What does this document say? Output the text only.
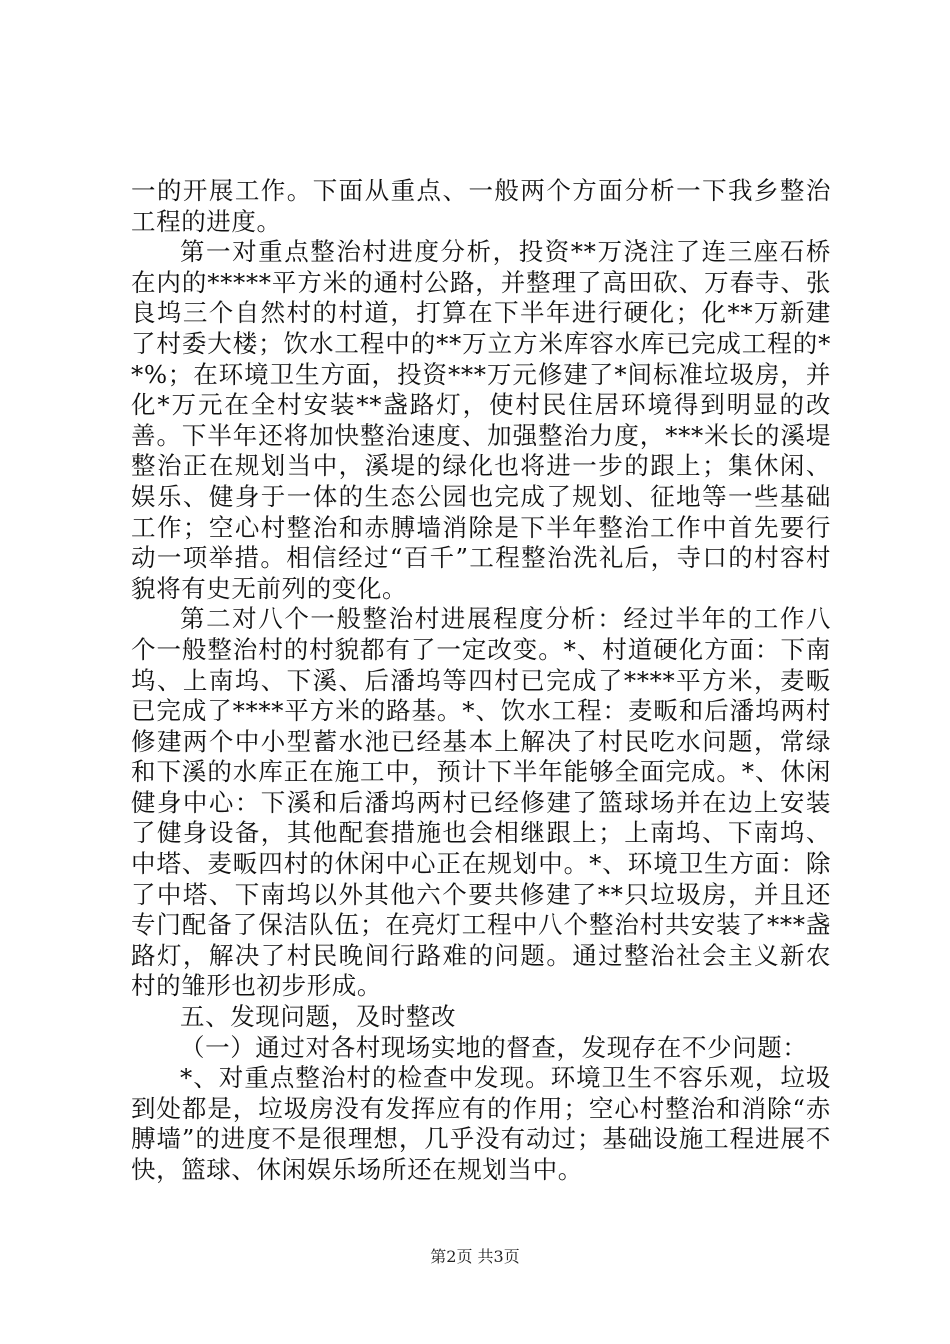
一的开展工作。下面从重点、一般两个方面分析一下我乡整治工程的进度。

第一对重点整治村进度分析，投资**万浇注了连三座石桥在内的*****平方米的通村公路，并整理了高田砍、万春寺、张良坞三个自然村的村道，打算在下半年进行硬化；化**万新建了村委大楼；饮水工程中的**万立方米库容水库已完成工程的**%；在环境卫生方面，投资***万元修建了*间标准垃圾房，并化*万元在全村安装**盏路灯，使村民住居环境得到明显的改善。下半年还将加快整治速度、加强整治力度，***米长的溪堤整治正在规划当中，溪堤的绿化也将进一步的跟上；集休闲、娱乐、健身于一体的生态公园也完成了规划、征地等一些基础工作；空心村整治和赤膊墙消除是下半年整治工作中首先要行动一项举措。相信经过“百千”工程整治洗礼后，寺口的村容村貌将有史无前列的变化。

第二对八个一般整治村进展程度分析：经过半年的工作八个一般整治村的村貌都有了一定改变。*、村道硬化方面：下南坞、上南坞、下溪、后潘坞等四村已完成了****平方米，麦畈已完成了****平方米的路基。*、饮水工程：麦畈和后潘坞两村修建两个中小型蓄水池已经基本上解决了村民吃水问题，常绿和下溪的水库正在施工中，预计下半年能够全面完成。*、休闲健身中心：下溪和后潘坞两村已经修建了篮球场并在边上安装了健身设备，其他配套措施也会相继跟上；上南坞、下南坞、中塔、麦畈四村的休闲中心正在规划中。*、环境卫生方面：除了中塔、下南坞以外其他六个要共修建了**只垃圾房，并且还专门配备了保洁队伍；在亮灯工程中八个整治村共安装了***盏路灯，解决了村民晚间行路难的问题。通过整治社会主义新农村的雏形也初步形成。

五、发现问题，及时整改

（一）通过对各村现场实地的督查，发现存在不少问题：

*、对重点整治村的检查中发现。环境卫生不容乐观，垃圾到处都是，垃圾房没有发挥应有的作用；空心村整治和消除“赤膊墙”的进度不是很理想，几乎没有动过；基础设施工程进展不快，篮球、休闲娱乐场所还在规划当中。

第2页 共3页
